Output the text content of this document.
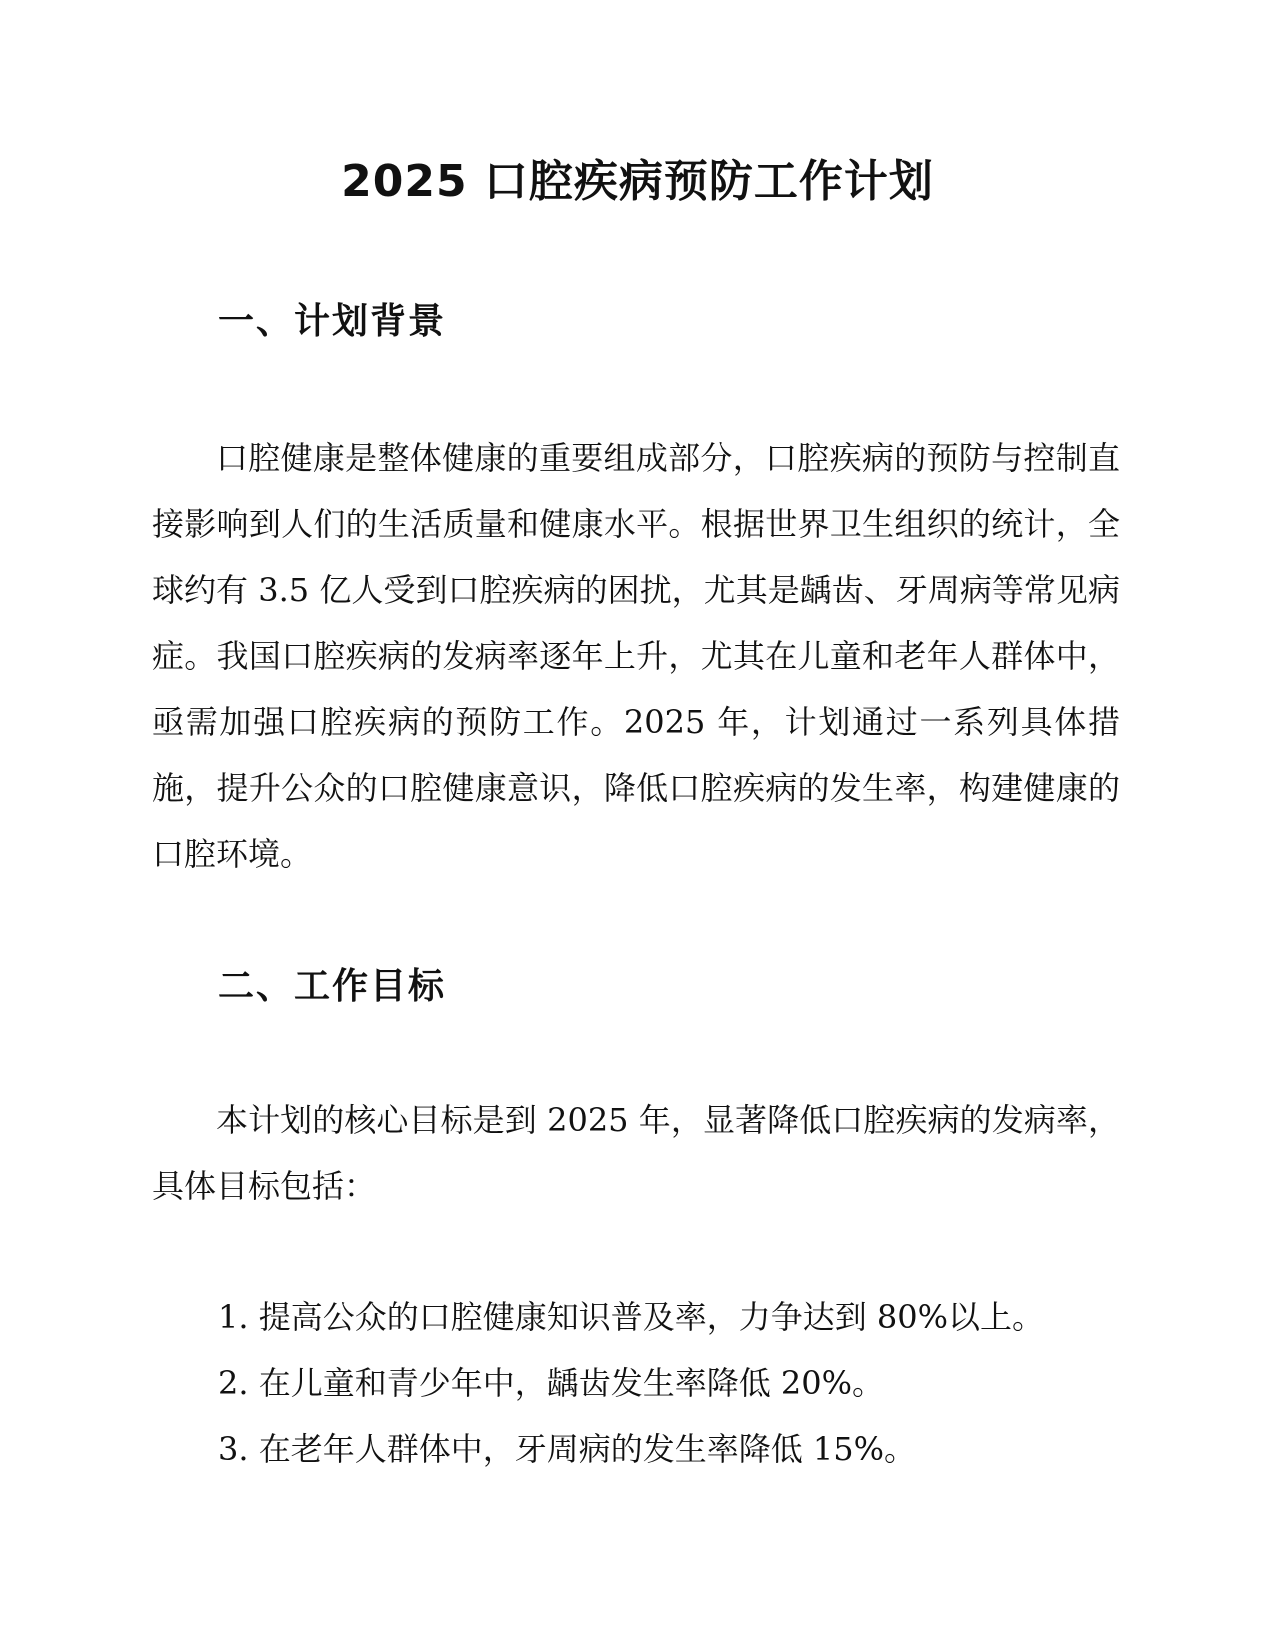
2025 口腔疾病预防工作计划
一、计划背景

口腔健康是整体健康的重要组成部分，口腔疾病的预防与控制直接影响到人们的生活质量和健康水平。根据世界卫生组织的统计，全球约有 3.5 亿人受到口腔疾病的困扰，尤其是龋齿、牙周病等常见病症。我国口腔疾病的发病率逐年上升，尤其在儿童和老年人群体中，亟需加强口腔疾病的预防工作。2025 年，计划通过一系列具体措施，提升公众的口腔健康意识，降低口腔疾病的发生率，构建健康的口腔环境。

二、工作目标

本计划的核心目标是到 2025 年，显著降低口腔疾病的发病率，具体目标包括：

1. 提高公众的口腔健康知识普及率，力争达到 80%以上。
2. 在儿童和青少年中，龋齿发生率降低 20%。
3. 在老年人群体中，牙周病的发生率降低 15%。
